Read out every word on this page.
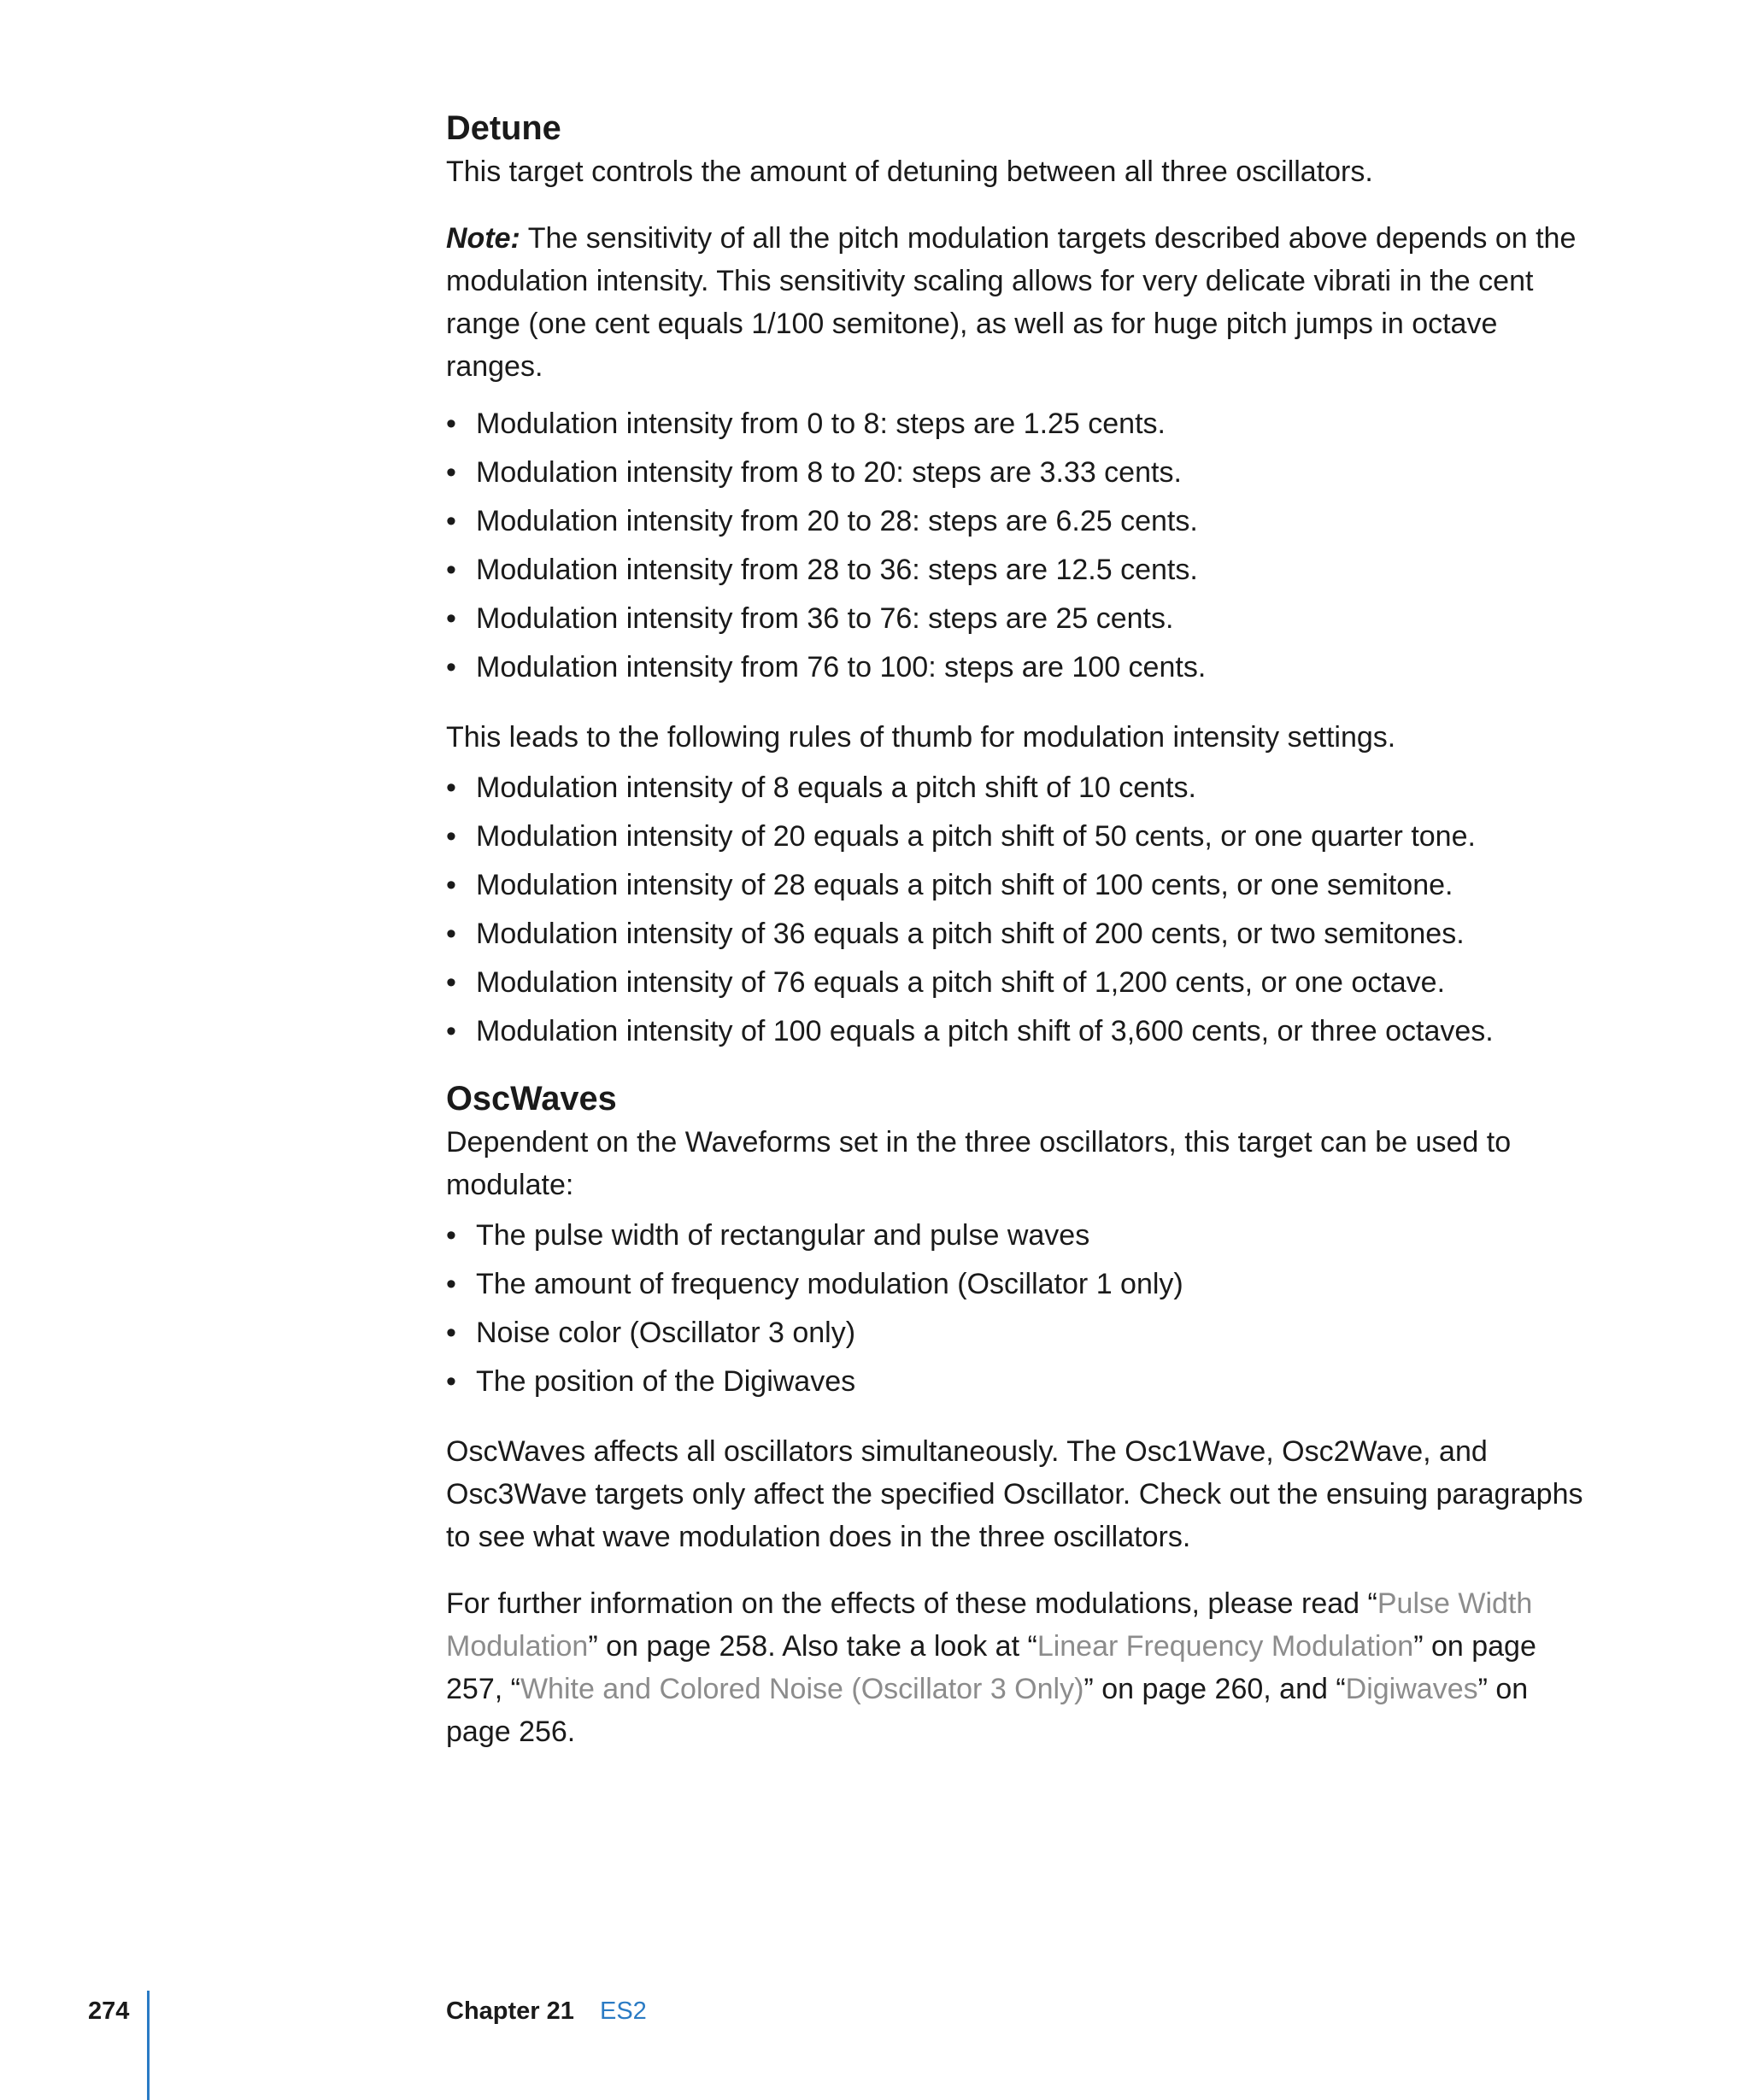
Detune

This target controls the amount of detuning between all three oscillators.

Note: The sensitivity of all the pitch modulation targets described above depends on the modulation intensity. This sensitivity scaling allows for very delicate vibrati in the cent range (one cent equals 1/100 semitone), as well as for huge pitch jumps in octave ranges.

• Modulation intensity from 0 to 8: steps are 1.25 cents.
• Modulation intensity from 8 to 20: steps are 3.33 cents.
• Modulation intensity from 20 to 28: steps are 6.25 cents.
• Modulation intensity from 28 to 36: steps are 12.5 cents.
• Modulation intensity from 36 to 76: steps are 25 cents.
• Modulation intensity from 76 to 100: steps are 100 cents.

This leads to the following rules of thumb for modulation intensity settings.

• Modulation intensity of 8 equals a pitch shift of 10 cents.
• Modulation intensity of 20 equals a pitch shift of 50 cents, or one quarter tone.
• Modulation intensity of 28 equals a pitch shift of 100 cents, or one semitone.
• Modulation intensity of 36 equals a pitch shift of 200 cents, or two semitones.
• Modulation intensity of 76 equals a pitch shift of 1,200 cents, or one octave.
• Modulation intensity of 100 equals a pitch shift of 3,600 cents, or three octaves.
OscWaves

Dependent on the Waveforms set in the three oscillators, this target can be used to modulate:

• The pulse width of rectangular and pulse waves
• The amount of frequency modulation (Oscillator 1 only)
• Noise color (Oscillator 3 only)
• The position of the Digiwaves

OscWaves affects all oscillators simultaneously. The Osc1Wave, Osc2Wave, and Osc3Wave targets only affect the specified Oscillator. Check out the ensuing paragraphs to see what wave modulation does in the three oscillators.

For further information on the effects of these modulations, please read “Pulse Width Modulation” on page 258. Also take a look at “Linear Frequency Modulation” on page 257, “White and Colored Noise (Oscillator 3 Only)” on page 260, and “Digiwaves” on page 256.

274	Chapter 21 ES2
